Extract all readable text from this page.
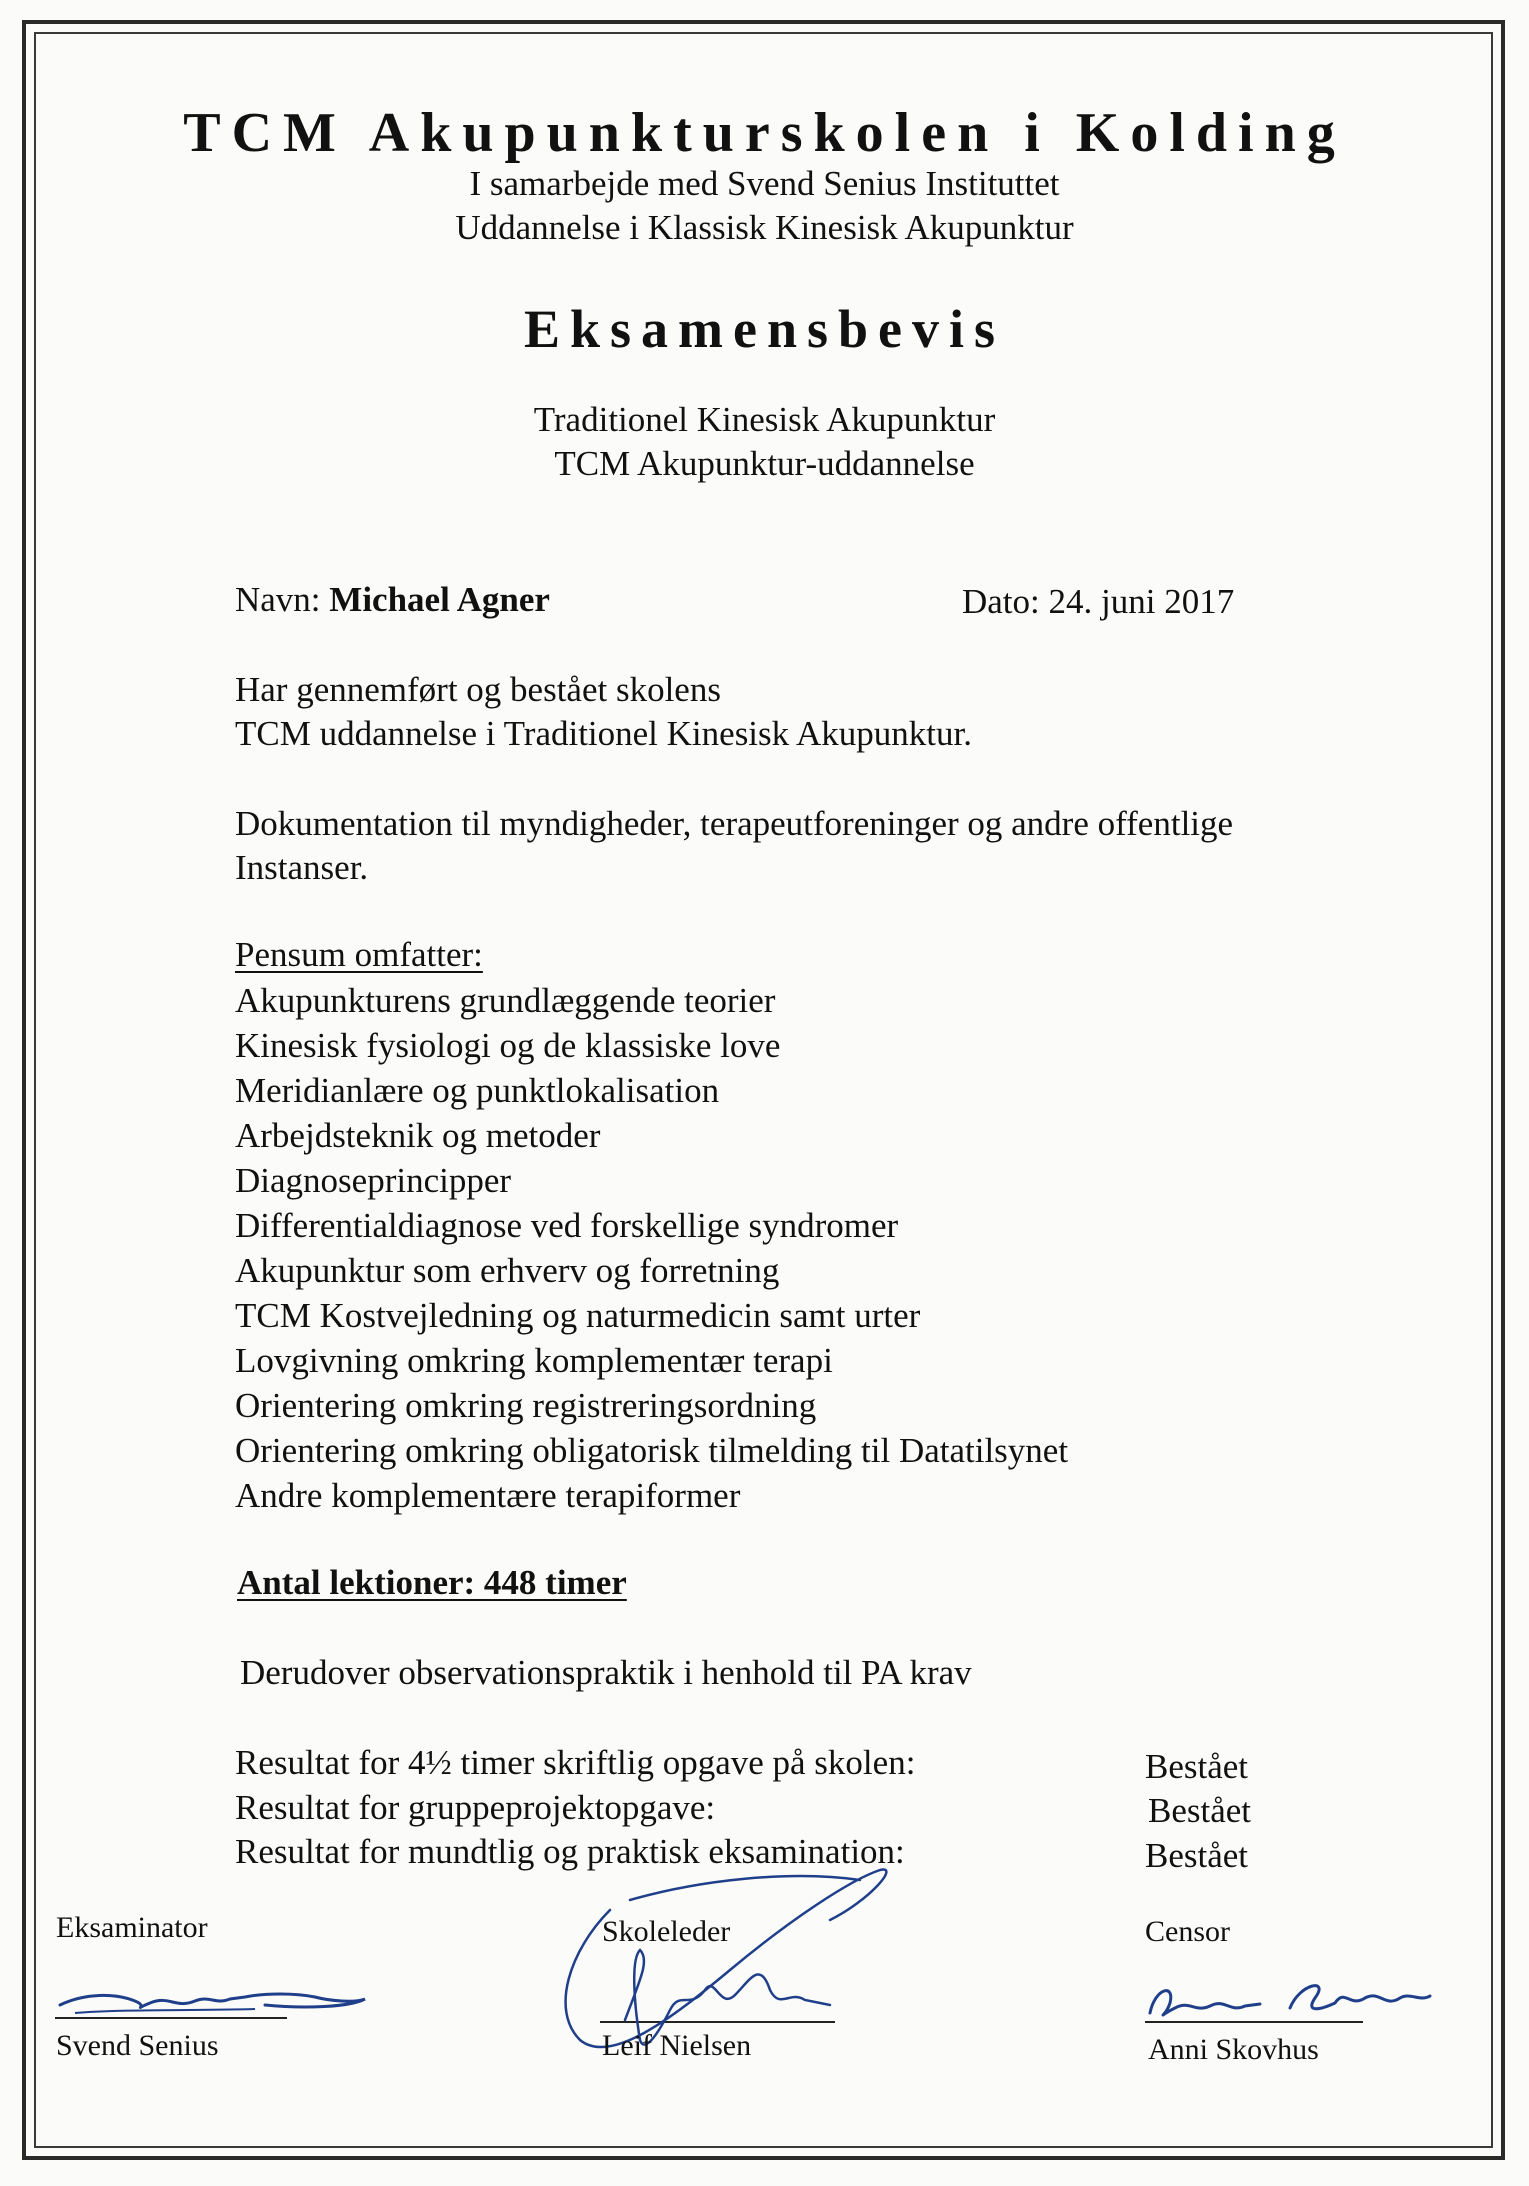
TCM Akupunkturskolen i Kolding
I samarbejde med Svend Senius Instituttet
Uddannelse i Klassisk Kinesisk Akupunktur
Eksamensbevis
Traditionel Kinesisk Akupunktur
TCM Akupunktur-uddannelse
Navn: Michael Agner	Dato: 24. juni 2017
Har gennemført og bestået skolens
TCM uddannelse i Traditionel Kinesisk Akupunktur.
Dokumentation til myndigheder, terapeutforeninger og andre offentlige
Instanser.
Pensum omfatter:
Akupunkturens grundlæggende teorier
Kinesisk fysiologi og de klassiske love
Meridianlære og punktlokalisation
Arbejdsteknik og metoder
Diagnoseprincipper
Differentialdiagnose ved forskellige syndromer
Akupunktur som erhverv og forretning
TCM Kostvejledning og naturmedicin samt urter
Lovgivning omkring komplementær terapi
Orientering omkring registreringsordning
Orientering omkring obligatorisk tilmelding til Datatilsynet
Andre komplementære terapiformer
Antal lektioner: 448 timer
Derudover observationspraktik i henhold til PA krav
Resultat for 4½ timer skriftlig opgave på skolen:	Bestået
Resultat for gruppeprojektopgave:	Bestået
Resultat for mundtlig og praktisk eksamination:	Bestået
Eksaminator	Skoleleder	Censor
Svend Senius	Leif Nielsen	Anni Skovhus
